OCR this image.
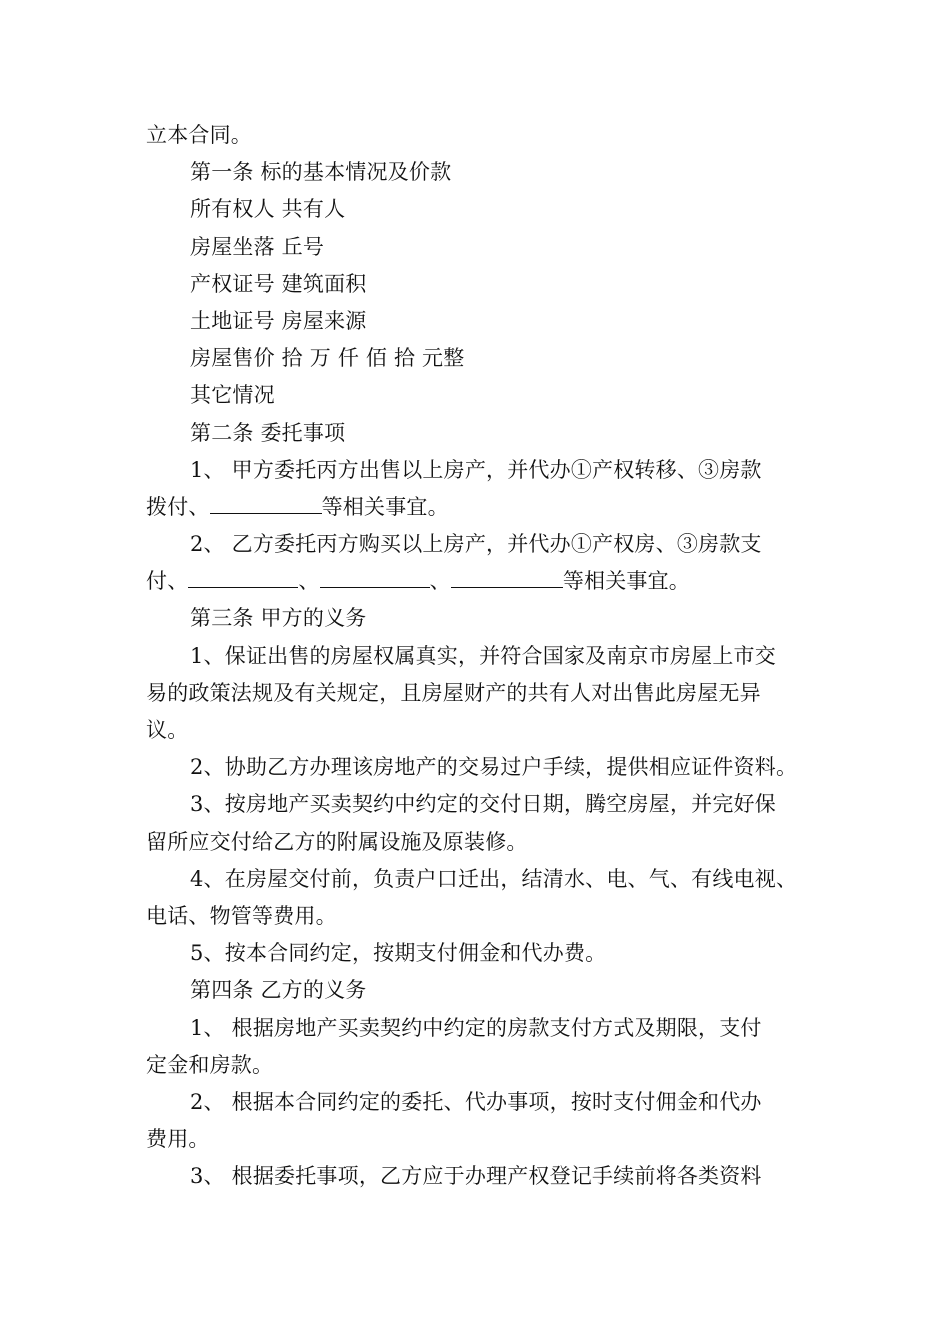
立本合同。
第一条 标的基本情况及价款
所有权人 共有人
房屋坐落 丘号
产权证号 建筑面积
土地证号 房屋来源
房屋售价 拾 万 仟 佰 拾 元整
其它情况
第二条 委托事项
1、 甲方委托丙方出售以上房产，并代办①产权转移、③房款
拨付、	等相关事宜。
2、 乙方委托丙方购买以上房产，并代办①产权房、③房款支
付、	、	、	等相关事宜。
第三条 甲方的义务
1、保证出售的房屋权属真实，并符合国家及南京市房屋上市交
易的政策法规及有关规定，且房屋财产的共有人对出售此房屋无异
议。
2、协助乙方办理该房地产的交易过户手续，提供相应证件资料。
3、按房地产买卖契约中约定的交付日期，腾空房屋，并完好保
留所应交付给乙方的附属设施及原装修。
4、在房屋交付前，负责户口迁出，结清水、电、气、有线电视、
电话、物管等费用。
5、按本合同约定，按期支付佣金和代办费。
第四条 乙方的义务
1、 根据房地产买卖契约中约定的房款支付方式及期限，支付
定金和房款。
2、 根据本合同约定的委托、代办事项，按时支付佣金和代办
费用。
3、 根据委托事项，乙方应于办理产权登记手续前将各类资料
